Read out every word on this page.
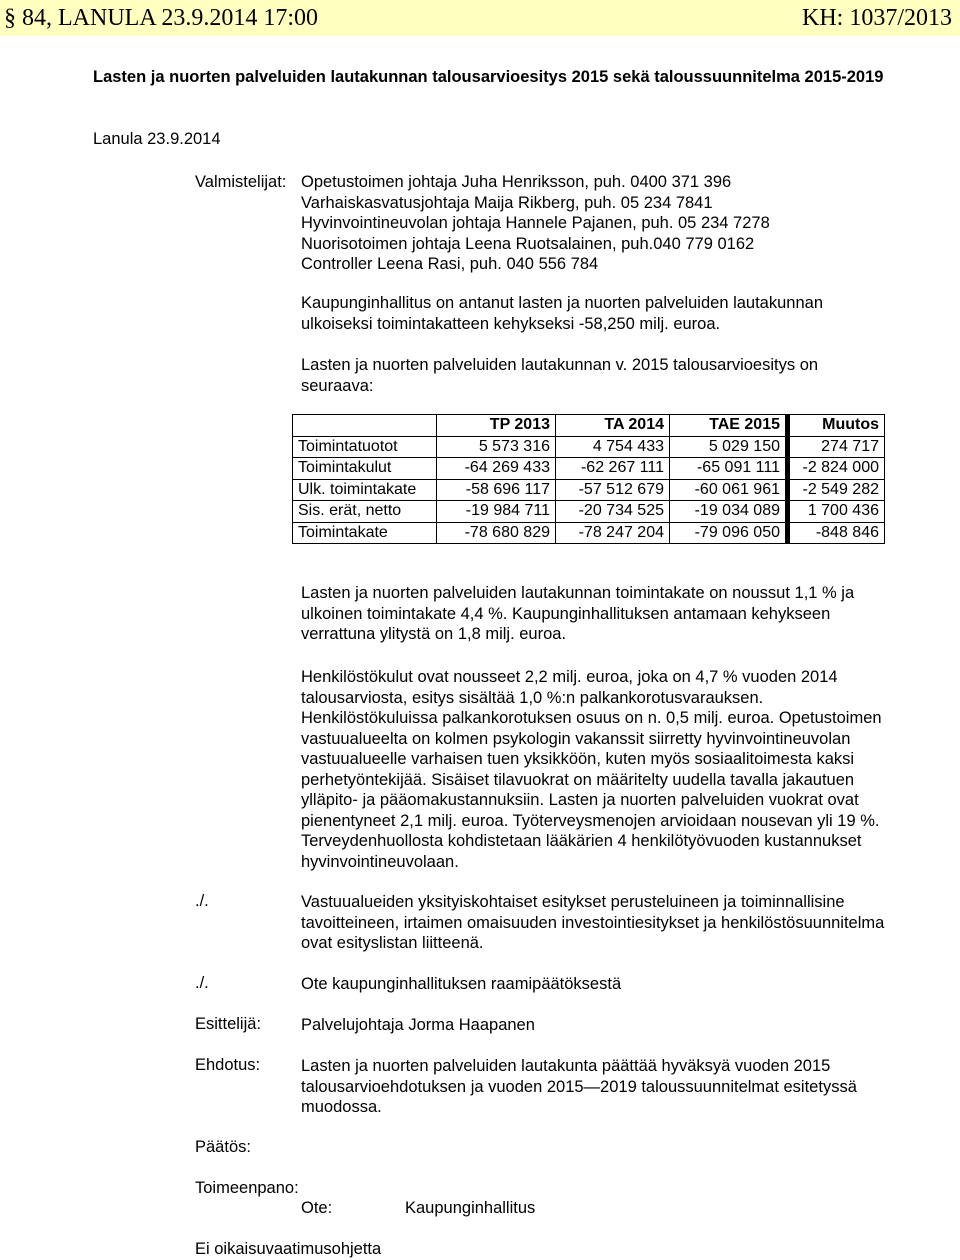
§ 84, LANULA 23.9.2014 17:00	KH: 1037/2013
Lasten ja nuorten palveluiden lautakunnan talousarvioesitys 2015 sekä taloussuunnitelma 2015-2019
Lanula 23.9.2014
Valmistelijat: Opetustoimen johtaja Juha Henriksson, puh. 0400 371 396
Varhaiskasvatusjohtaja Maija Rikberg, puh. 05 234 7841
Hyvinvointineuvolan johtaja Hannele Pajanen, puh. 05 234 7278
Nuorisotoimen johtaja Leena Ruotsalainen, puh.040 779 0162
Controller Leena Rasi, puh. 040 556 784
Kaupunginhallitus on antanut lasten ja nuorten palveluiden lautakunnan ulkoiseksi toimintakatteen kehykseksi -58,250 milj. euroa.
Lasten ja nuorten palveluiden lautakunnan v. 2015 talousarvioesitys on seuraava:
	TP 2013	TA 2014	TAE 2015	Muutos
Toimintatuotot	5 573 316	4 754 433	5 029 150	274 717
Toimintakulut	-64 269 433	-62 267 111	-65 091 111	-2 824 000
Ulk. toimintakate	-58 696 117	-57 512 679	-60 061 961	-2 549 282
Sis. erät, netto	-19 984 711	-20 734 525	-19 034 089	1 700 436
Toimintakate	-78 680 829	-78 247 204	-79 096 050	-848 846
Lasten ja nuorten palveluiden lautakunnan toimintakate on noussut 1,1 % ja ulkoinen toimintakate 4,4 %. Kaupunginhallituksen antamaan kehykseen verrattuna ylitystä on 1,8 milj. euroa.
Henkilöstökulut ovat nousseet 2,2 milj. euroa, joka on 4,7 % vuoden 2014 talousarviosta, esitys sisältää 1,0 %:n palkankorotusvarauksen. Henkilöstökuluissa palkankorotuksen osuus on n. 0,5 milj. euroa. Opetustoimen vastuualueelta on kolmen psykologin vakanssit siirretty hyvinvointineuvolan vastuualueelle varhaisen tuen yksikköön, kuten myös sosiaalitoimesta kaksi perhetyöntekijää. Sisäiset tilavuokrat on määritelty uudella tavalla jakautuen ylläpito- ja pääomakustannuksiin. Lasten ja nuorten palveluiden vuokrat ovat pienentyneet 2,1 milj. euroa. Työterveysmenojen arvioidaan nousevan yli 19 %. Terveydenhuollosta kohdistetaan lääkärien 4 henkilötyövuoden kustannukset hyvinvointineuvolaan.
./.	Vastuualueiden yksityiskohtaiset esitykset perusteluineen ja toiminnallisine tavoitteineen, irtaimen omaisuuden investointiesitykset ja henkilöstösuunnitelma ovat esityslistan liitteenä.
./.	Ote kaupunginhallituksen raamipäätöksestä
Esittelijä: Palvelujohtaja Jorma Haapanen
Ehdotus: Lasten ja nuorten palveluiden lautakunta päättää hyväksyä vuoden 2015 talousarvioehdotuksen ja vuoden 2015—2019 taloussuunnitelmat esitetyssä muodossa.
Päätös:
Toimeenpano:
Ote:	Kaupunginhallitus
Ei oikaisuvaatimusohjetta
